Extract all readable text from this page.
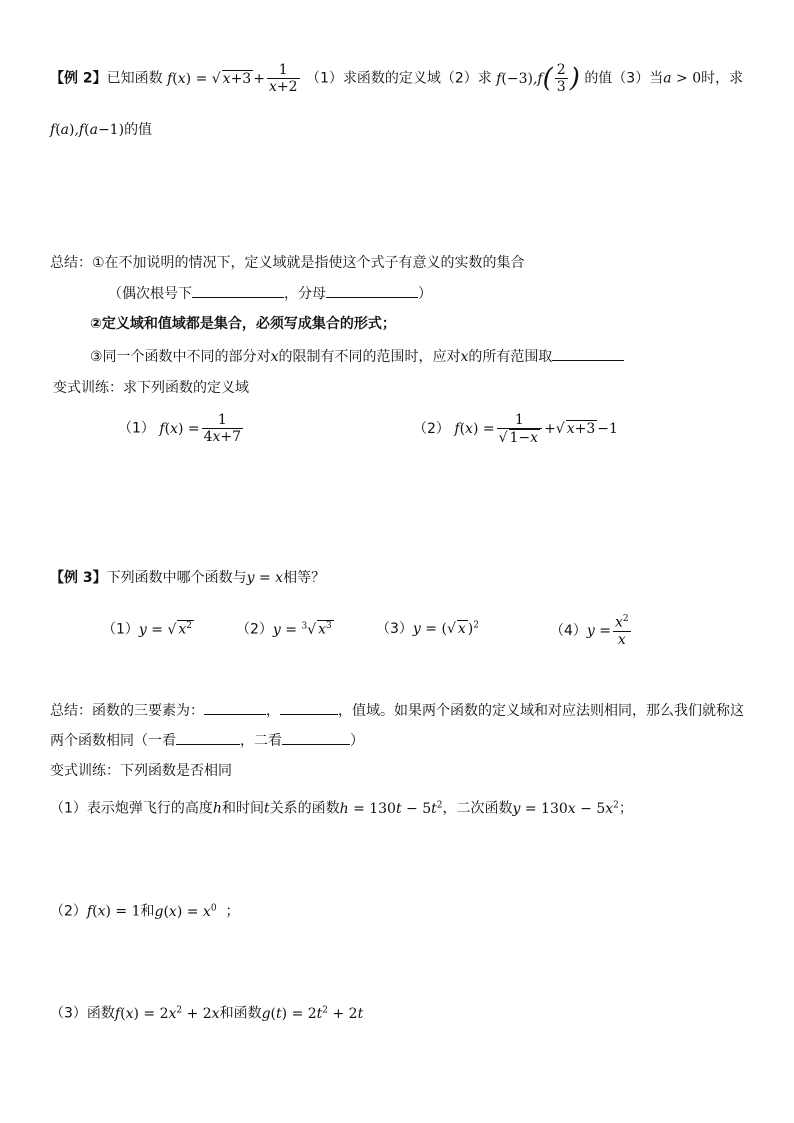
【例 2】已知函数 f(x) = √ $x+3 + \frac{1}{x+2} (1)$求函数的定义域（2）求 $f(-3),f( \frac{2}{3}$ ) 的值（3）当a > 0时，求
f(a),f(a−1)的值
总结：①在不加说明的情况下，定义域就是指使这个式子有意义的实数的集合
（偶次根号下	，分母	）
②定义域和值域都是集合，必须写成集合的形式；
③同一个函数中不同的部分对x的限制有不同的范围时，应对x的所有范围取
变式训练：求下列函数的定义域
（1） $f(x) = \frac{1}{4x+7}$	（2） $f(x) = \frac{1}{√ 1-x}$ +√ x+3 −1
【例 3】下列函数中哪个函数与y = x相等？
（1）y = √ $x^2$	（2）y = $^3$√ $x^3$	（3）y = (√ x )$^2$	$(4)y = \frac{x^2}{x}$
总结：函数的三要素为：	，	，值域。如果两个函数的定义域和对应法则相同，那么我们就称这
两个函数相同（一看	，二看	）
变式训练：下列函数是否相同
（1）表示炮弹飞行的高度h和时间t关系的函数$h = 130t - 5t^2$，二次函数$y = 130x - 5x^2$；
（2）f(x) = 1和$g(x) = x^0$ ；
（3）函数$f(x) = 2x^2 + 2x$和函数$g(t) = 2t^2 + 2t$
